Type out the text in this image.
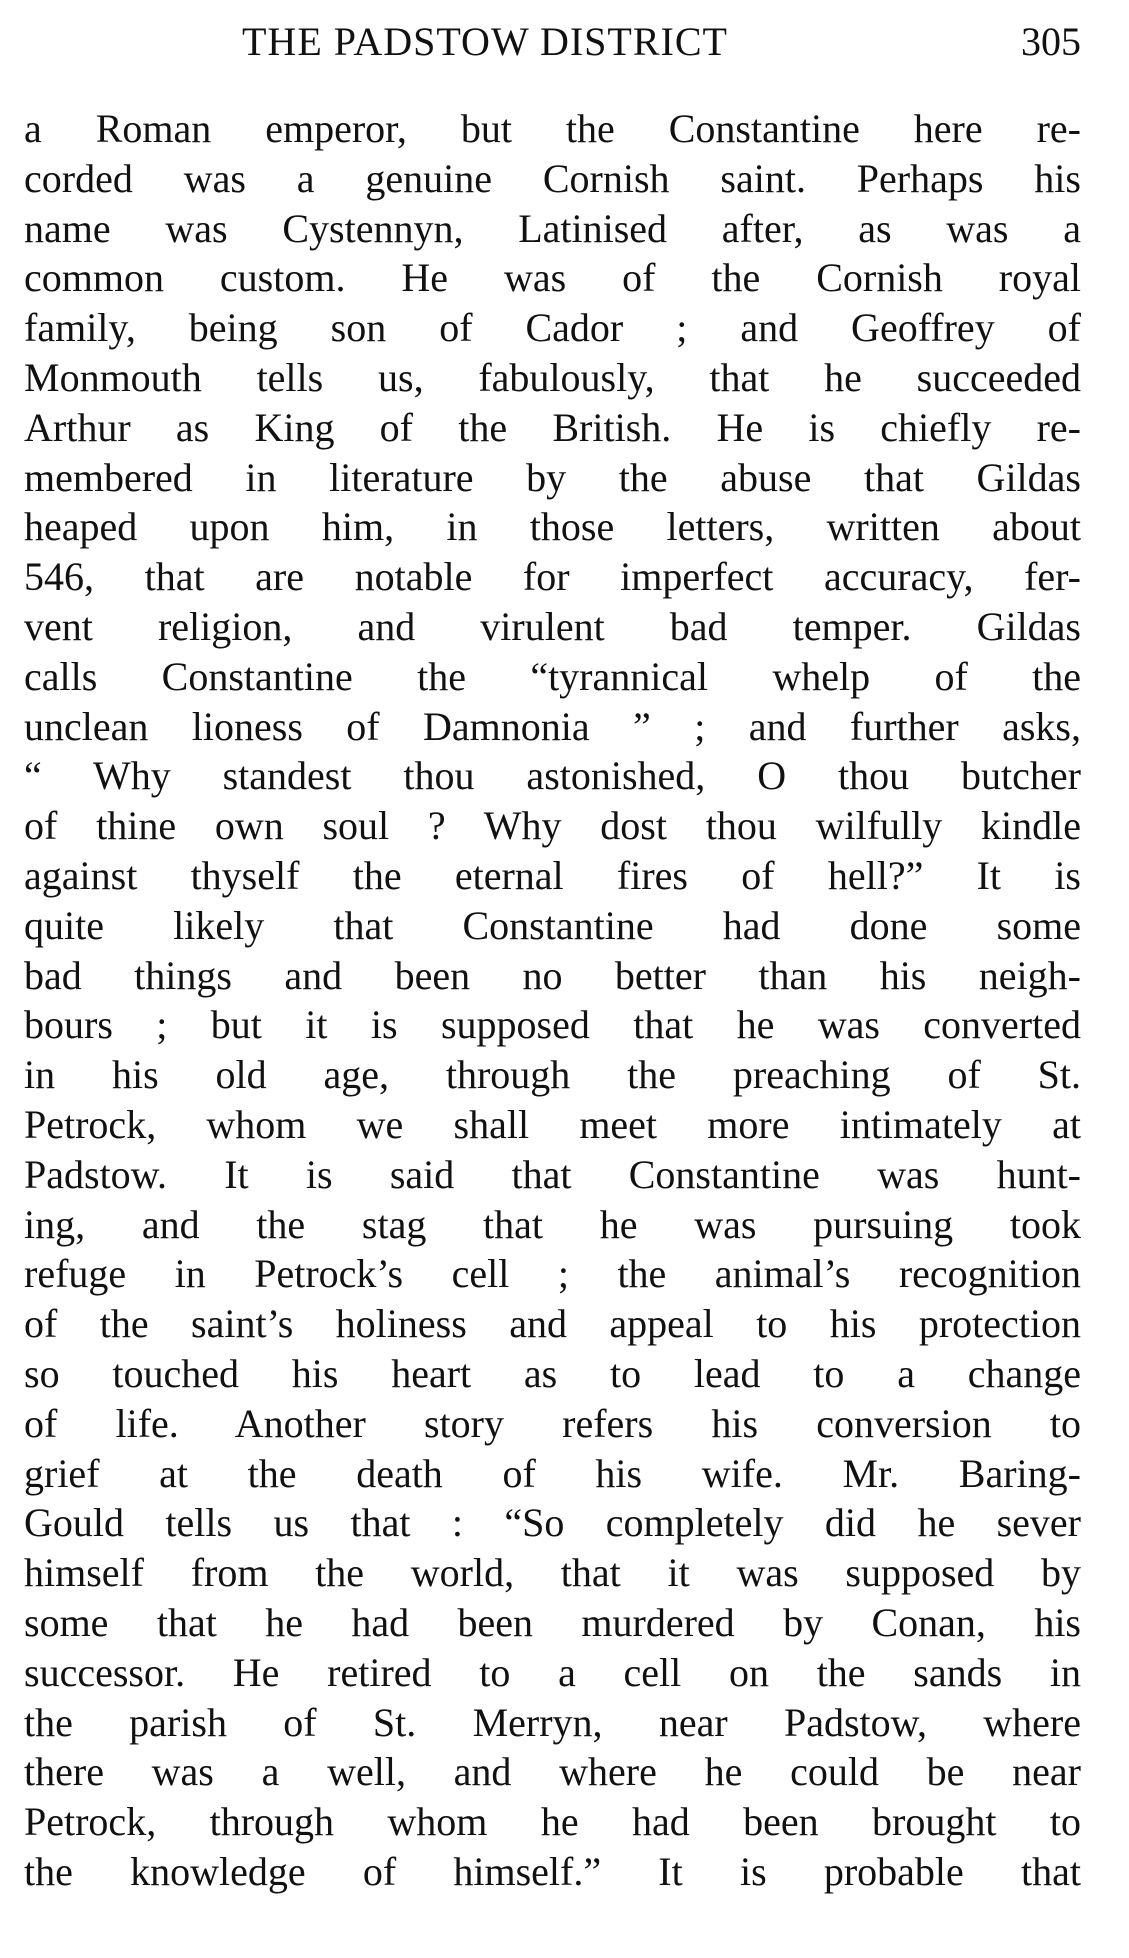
THE PADSTOW DISTRICT	305
a Roman emperor, but the Constantine here re-
corded was a genuine Cornish saint. Perhaps his
name was Cystennyn, Latinised after, as was a
common custom. He was of the Cornish royal
family, being son of Cador ; and Geoffrey of
Monmouth tells us, fabulously, that he succeeded
Arthur as King of the British. He is chiefly re-
membered in literature by the abuse that Gildas
heaped upon him, in those letters, written about
546, that are notable for imperfect accuracy, fer-
vent religion, and virulent bad temper. Gildas
calls Constantine the “tyrannical whelp of the
unclean lioness of Damnonia ” ; and further asks,
“ Why standest thou astonished, O thou butcher
of thine own soul ? Why dost thou wilfully kindle
against thyself the eternal fires of hell?” It is
quite likely that Constantine had done some
bad things and been no better than his neigh-
bours ; but it is supposed that he was converted
in his old age, through the preaching of St.
Petrock, whom we shall meet more intimately at
Padstow. It is said that Constantine was hunt-
ing, and the stag that he was pursuing took
refuge in Petrock’s cell ; the animal’s recognition
of the saint’s holiness and appeal to his protection
so touched his heart as to lead to a change
of life. Another story refers his conversion to
grief at the death of his wife. Mr. Baring-
Gould tells us that : “So completely did he sever
himself from the world, that it was supposed by
some that he had been murdered by Conan, his
successor. He retired to a cell on the sands in
the parish of St. Merryn, near Padstow, where
there was a well, and where he could be near
Petrock, through whom he had been brought to
the knowledge of himself.” It is probable that
